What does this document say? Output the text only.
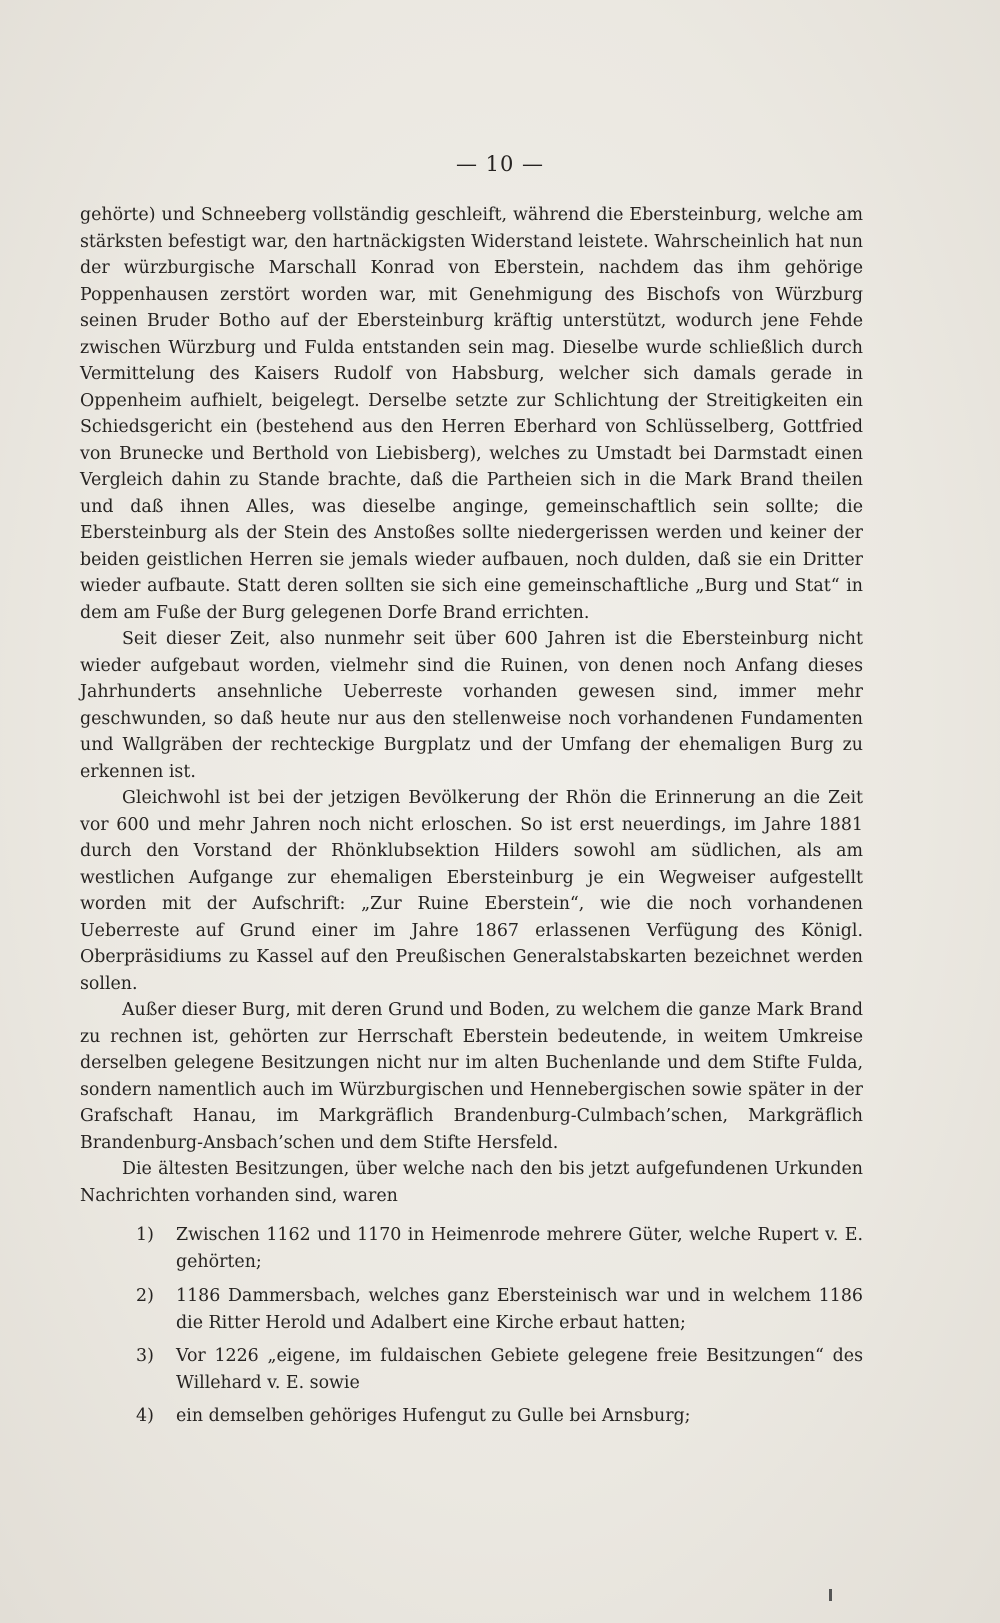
— 10 —

gehörte) und Schneeberg vollständig geschleift, während die Ebersteinburg, welche am stärksten befestigt war, den hartnäckigsten Widerstand leistete. Wahrscheinlich hat nun der würzburgische Marschall Konrad von Eberstein, nachdem das ihm gehörige Poppenhausen zerstört worden war, mit Genehmigung des Bischofs von Würzburg seinen Bruder Botho auf der Ebersteinburg kräftig unterstützt, wodurch jene Fehde zwischen Würzburg und Fulda entstanden sein mag. Dieselbe wurde schließlich durch Vermittelung des Kaisers Rudolf von Habsburg, welcher sich damals gerade in Oppenheim aufhielt, beigelegt. Derselbe setzte zur Schlichtung der Streitigkeiten ein Schiedsgericht ein (bestehend aus den Herren Eberhard von Schlüsselberg, Gottfried von Brunecke und Berthold von Liebisberg), welches zu Umstadt bei Darmstadt einen Vergleich dahin zu Stande brachte, daß die Partheien sich in die Mark Brand theilen und daß ihnen Alles, was dieselbe anginge, gemeinschaftlich sein sollte; die Ebersteinburg als der Stein des Anstoßes sollte niedergerissen werden und keiner der beiden geistlichen Herren sie jemals wieder aufbauen, noch dulden, daß sie ein Dritter wieder aufbaute. Statt deren sollten sie sich eine gemeinschaftliche „Burg und Stat“ in dem am Fuße der Burg gelegenen Dorfe Brand errichten.

Seit dieser Zeit, also nunmehr seit über 600 Jahren ist die Ebersteinburg nicht wieder aufgebaut worden, vielmehr sind die Ruinen, von denen noch Anfang dieses Jahrhunderts ansehnliche Ueberreste vorhanden gewesen sind, immer mehr geschwunden, so daß heute nur aus den stellenweise noch vorhandenen Fundamenten und Wallgräben der rechteckige Burgplatz und der Umfang der ehemaligen Burg zu erkennen ist.

Gleichwohl ist bei der jetzigen Bevölkerung der Rhön die Erinnerung an die Zeit vor 600 und mehr Jahren noch nicht erloschen. So ist erst neuerdings, im Jahre 1881 durch den Vorstand der Rhönklubsektion Hilders sowohl am südlichen, als am westlichen Aufgange zur ehemaligen Ebersteinburg je ein Wegweiser aufgestellt worden mit der Aufschrift: „Zur Ruine Eberstein“, wie die noch vorhandenen Ueberreste auf Grund einer im Jahre 1867 erlassenen Verfügung des Königl. Oberpräsidiums zu Kassel auf den Preußischen Generalstabskarten bezeichnet werden sollen.

Außer dieser Burg, mit deren Grund und Boden, zu welchem die ganze Mark Brand zu rechnen ist, gehörten zur Herrschaft Eberstein bedeutende, in weitem Umkreise derselben gelegene Besitzungen nicht nur im alten Buchenlande und dem Stifte Fulda, sondern namentlich auch im Würzburgischen und Hennebergischen sowie später in der Grafschaft Hanau, im Markgräflich Brandenburg-Culmbach’schen, Markgräflich Brandenburg-Ansbach’schen und dem Stifte Hersfeld.

Die ältesten Besitzungen, über welche nach den bis jetzt aufgefundenen Urkunden Nachrichten vorhanden sind, waren

1)	Zwischen 1162 und 1170 in Heimenrode mehrere Güter, welche Rupert v. E. gehörten;
2)	1186 Dammersbach, welches ganz Ebersteinisch war und in welchem 1186 die Ritter Herold und Adalbert eine Kirche erbaut hatten;
3)	Vor 1226 „eigene, im fuldaischen Gebiete gelegene freie Besitzungen“ des Willehard v. E. sowie
4)	ein demselben gehöriges Hufengut zu Gulle bei Arnsburg;
